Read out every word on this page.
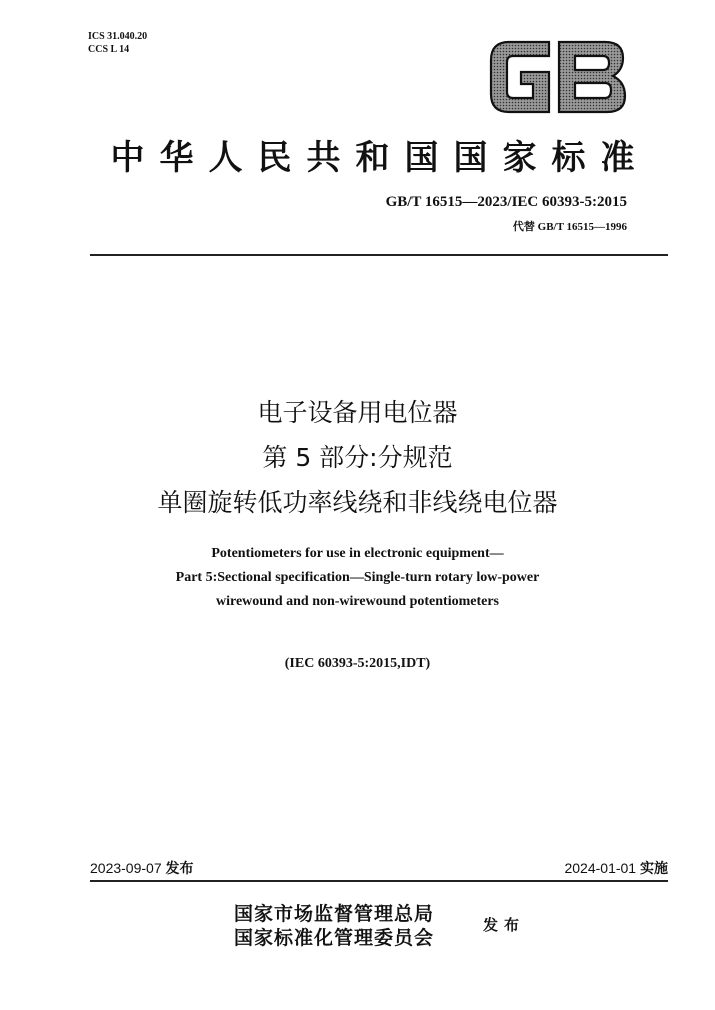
ICS 31.040.20
CCS L 14
GB
中华人民共和国国家标准
GB/T 16515—2023/IEC 60393-5:2015
代替 GB/T 16515—1996
电子设备用电位器
第 5 部分:分规范
单圈旋转低功率线绕和非线绕电位器
Potentiometers for use in electronic equipment—
Part 5:Sectional specification—Single-turn rotary low-power
wirewound and non-wirewound potentiometers
(IEC 60393-5:2015,IDT)
2023-09-07 发布	2024-01-01 实施
国家市场监督管理总局
国家标准化管理委员会
发布
